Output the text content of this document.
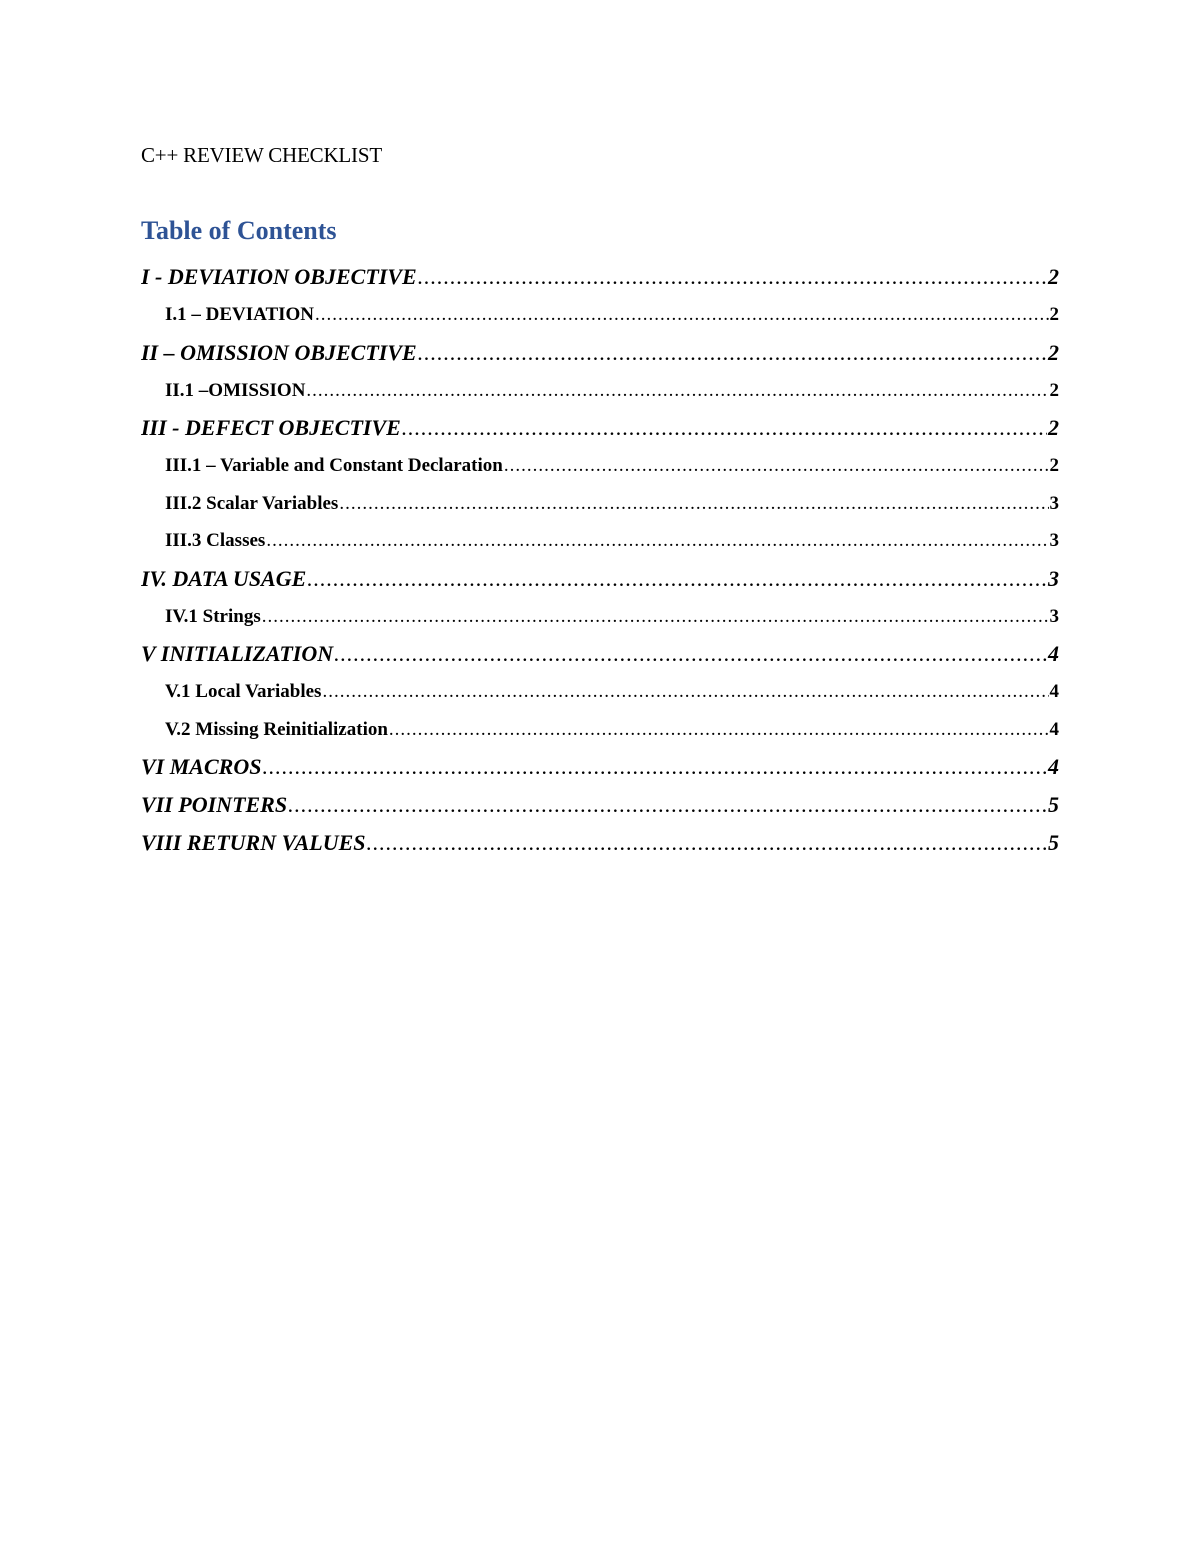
C++ REVIEW CHECKLIST

Table of Contents
I - DEVIATION OBJECTIVE .....	2
I.1 – DEVIATION .....	2
II – OMISSION OBJECTIVE .....	2
II.1 –OMISSION .....	2
III - DEFECT OBJECTIVE .....	2
III.1 – Variable and Constant Declaration .....	2
III.2 Scalar Variables .....	3
III.3 Classes .....	3
IV. DATA USAGE .....	3
IV.1 Strings .....	3
V INITIALIZATION .....	4
V.1 Local Variables .....	4
V.2 Missing Reinitialization .....	4
VI MACROS .....	4
VII POINTERS .....	5
VIII RETURN VALUES .....	5
